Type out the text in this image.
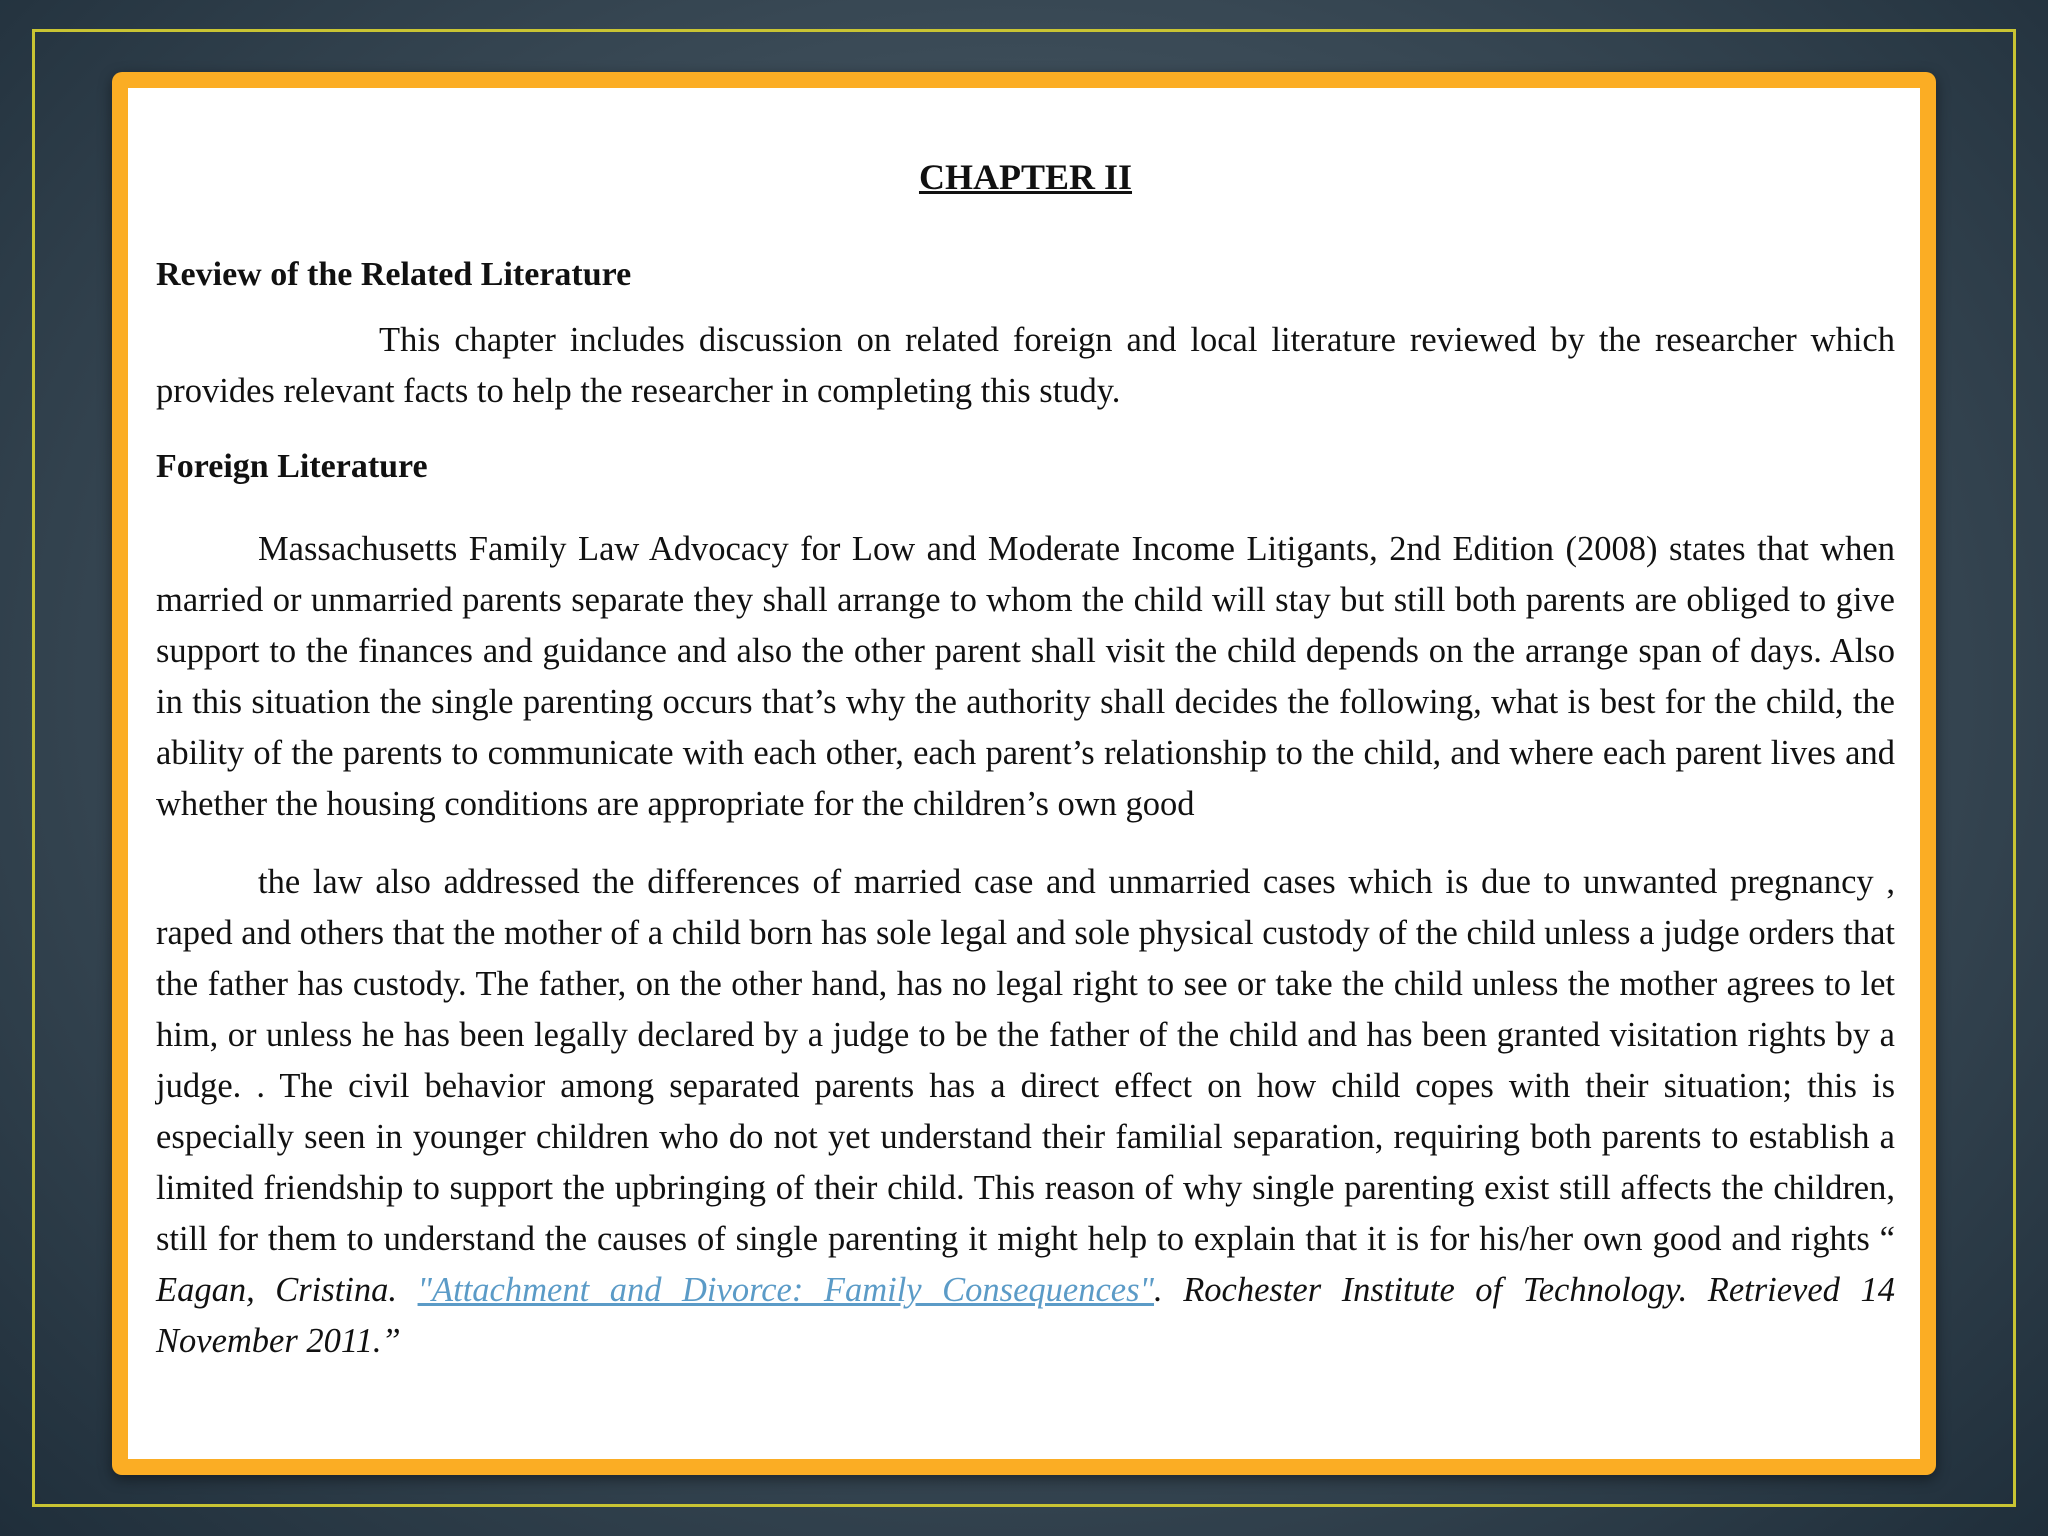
CHAPTER II

Review of the Related Literature

This chapter includes discussion on related foreign and local literature reviewed by the researcher which provides relevant facts to help the researcher in completing this study.

Foreign Literature

Massachusetts Family Law Advocacy for Low and Moderate Income Litigants, 2nd Edition (2008) states that when married or unmarried parents separate they shall arrange to whom the child will stay but still both parents are obliged to give support to the finances and guidance and also the other parent shall visit the child depends on the arrange span of days. Also in this situation the single parenting occurs that’s why the authority shall decides the following, what is best for the child, the ability of the parents to communicate with each other, each parent’s relationship to the child, and where each parent lives and whether the housing conditions are appropriate for the children’s own good

the law also addressed the differences of married case and unmarried cases which is due to unwanted pregnancy , raped and others that the mother of a child born has sole legal and sole physical custody of the child unless a judge orders that the father has custody. The father, on the other hand, has no legal right to see or take the child unless the mother agrees to let him, or unless he has been legally declared by a judge to be the father of the child and has been granted visitation rights by a judge. . The civil behavior among separated parents has a direct effect on how child copes with their situation; this is especially seen in younger children who do not yet understand their familial separation, requiring both parents to establish a limited friendship to support the upbringing of their child. This reason of why single parenting exist still affects the children, still for them to understand the causes of single parenting it might help to explain that it is for his/her own good and rights “ Eagan, Cristina. "Attachment and Divorce: Family Consequences". Rochester Institute of Technology. Retrieved 14 November 2011.”
